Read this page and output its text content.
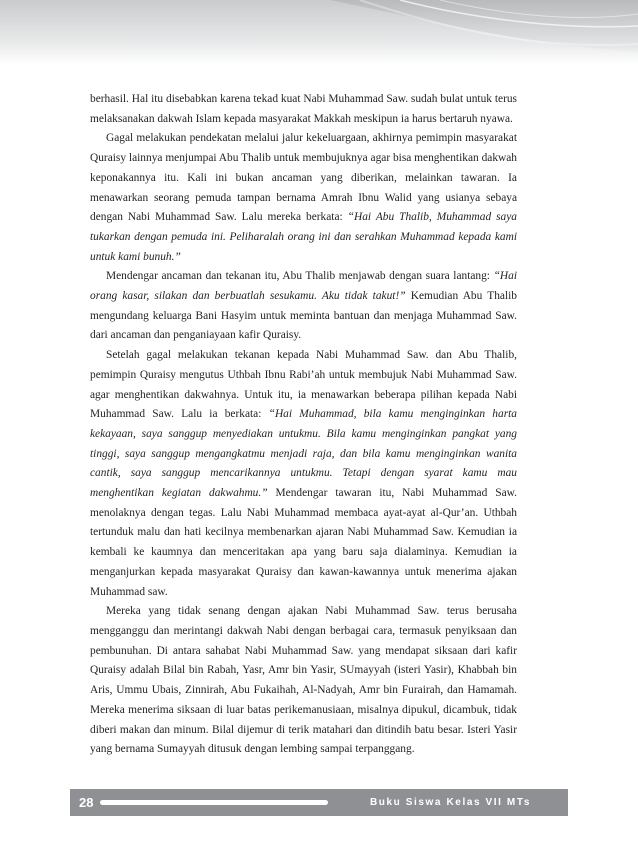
berhasil. Hal itu disebabkan karena tekad kuat Nabi Muhammad Saw. sudah bulat untuk terus melaksanakan dakwah Islam kepada masyarakat Makkah meskipun ia harus bertaruh nyawa.

Gagal melakukan pendekatan melalui jalur kekeluargaan, akhirnya pemimpin masyarakat Quraisy lainnya menjumpai Abu Thalib untuk membujuknya agar bisa menghentikan dakwah keponakannya itu. Kali ini bukan ancaman yang diberikan, melainkan tawaran. Ia menawarkan seorang pemuda tampan bernama Amrah Ibnu Walid yang usianya sebaya dengan Nabi Muhammad Saw. Lalu mereka berkata: “Hai Abu Thalib, Muhammad saya tukarkan dengan pemuda ini. Peliharalah orang ini dan serahkan Muhammad kepada kami untuk kami bunuh.”

Mendengar ancaman dan tekanan itu, Abu Thalib menjawab dengan suara lantang: “Hai orang kasar, silakan dan berbuatlah sesukamu. Aku tidak takut!” Kemudian Abu Thalib mengundang keluarga Bani Hasyim untuk meminta bantuan dan menjaga Muhammad Saw. dari ancaman dan penganiayaan kafir Quraisy.

Setelah gagal melakukan tekanan kepada Nabi Muhammad Saw. dan Abu Thalib, pemimpin Quraisy mengutus Uthbah Ibnu Rabi’ah untuk membujuk Nabi Muhammad Saw. agar menghentikan dakwahnya. Untuk itu, ia menawarkan beberapa pilihan kepada Nabi Muhammad Saw. Lalu ia berkata: “Hai Muhammad, bila kamu menginginkan harta kekayaan, saya sanggup menyediakan untukmu. Bila kamu menginginkan pangkat yang tinggi, saya sanggup mengangkatmu menjadi raja, dan bila kamu menginginkan wanita cantik, saya sanggup mencarikannya untukmu. Tetapi dengan syarat kamu mau menghentikan kegiatan dakwahmu.” Mendengar tawaran itu, Nabi Muhammad Saw. menolaknya dengan tegas. Lalu Nabi Muhammad membaca ayat-ayat al-Qur’an. Uthbah tertunduk malu dan hati kecilnya membenarkan ajaran Nabi Muhammad Saw. Kemudian ia kembali ke kaumnya dan menceritakan apa yang baru saja dialaminya. Kemudian ia menganjurkan kepada masyarakat Quraisy dan kawan-kawannya untuk menerima ajakan Muhammad saw.

Mereka yang tidak senang dengan ajakan Nabi Muhammad Saw. terus berusaha mengganggu dan merintangi dakwah Nabi dengan berbagai cara, termasuk penyiksaan dan pembunuhan. Di antara sahabat Nabi Muhammad Saw. yang mendapat siksaan dari kafir Quraisy adalah Bilal bin Rabah, Yasr, Amr bin Yasir, SUmayyah (isteri Yasir), Khabbah bin Aris, Ummu Ubais, Zinnirah, Abu Fukaihah, Al-Nadyah, Amr bin Furairah, dan Hamamah. Mereka menerima siksaan di luar batas perikemanusiaan, misalnya dipukul, dicambuk, tidak diberi makan dan minum. Bilal dijemur di terik matahari dan ditindih batu besar. Isteri Yasir yang bernama Sumayyah ditusuk dengan lembing sampai terpanggang.

28	Buku Siswa Kelas VII MTs
